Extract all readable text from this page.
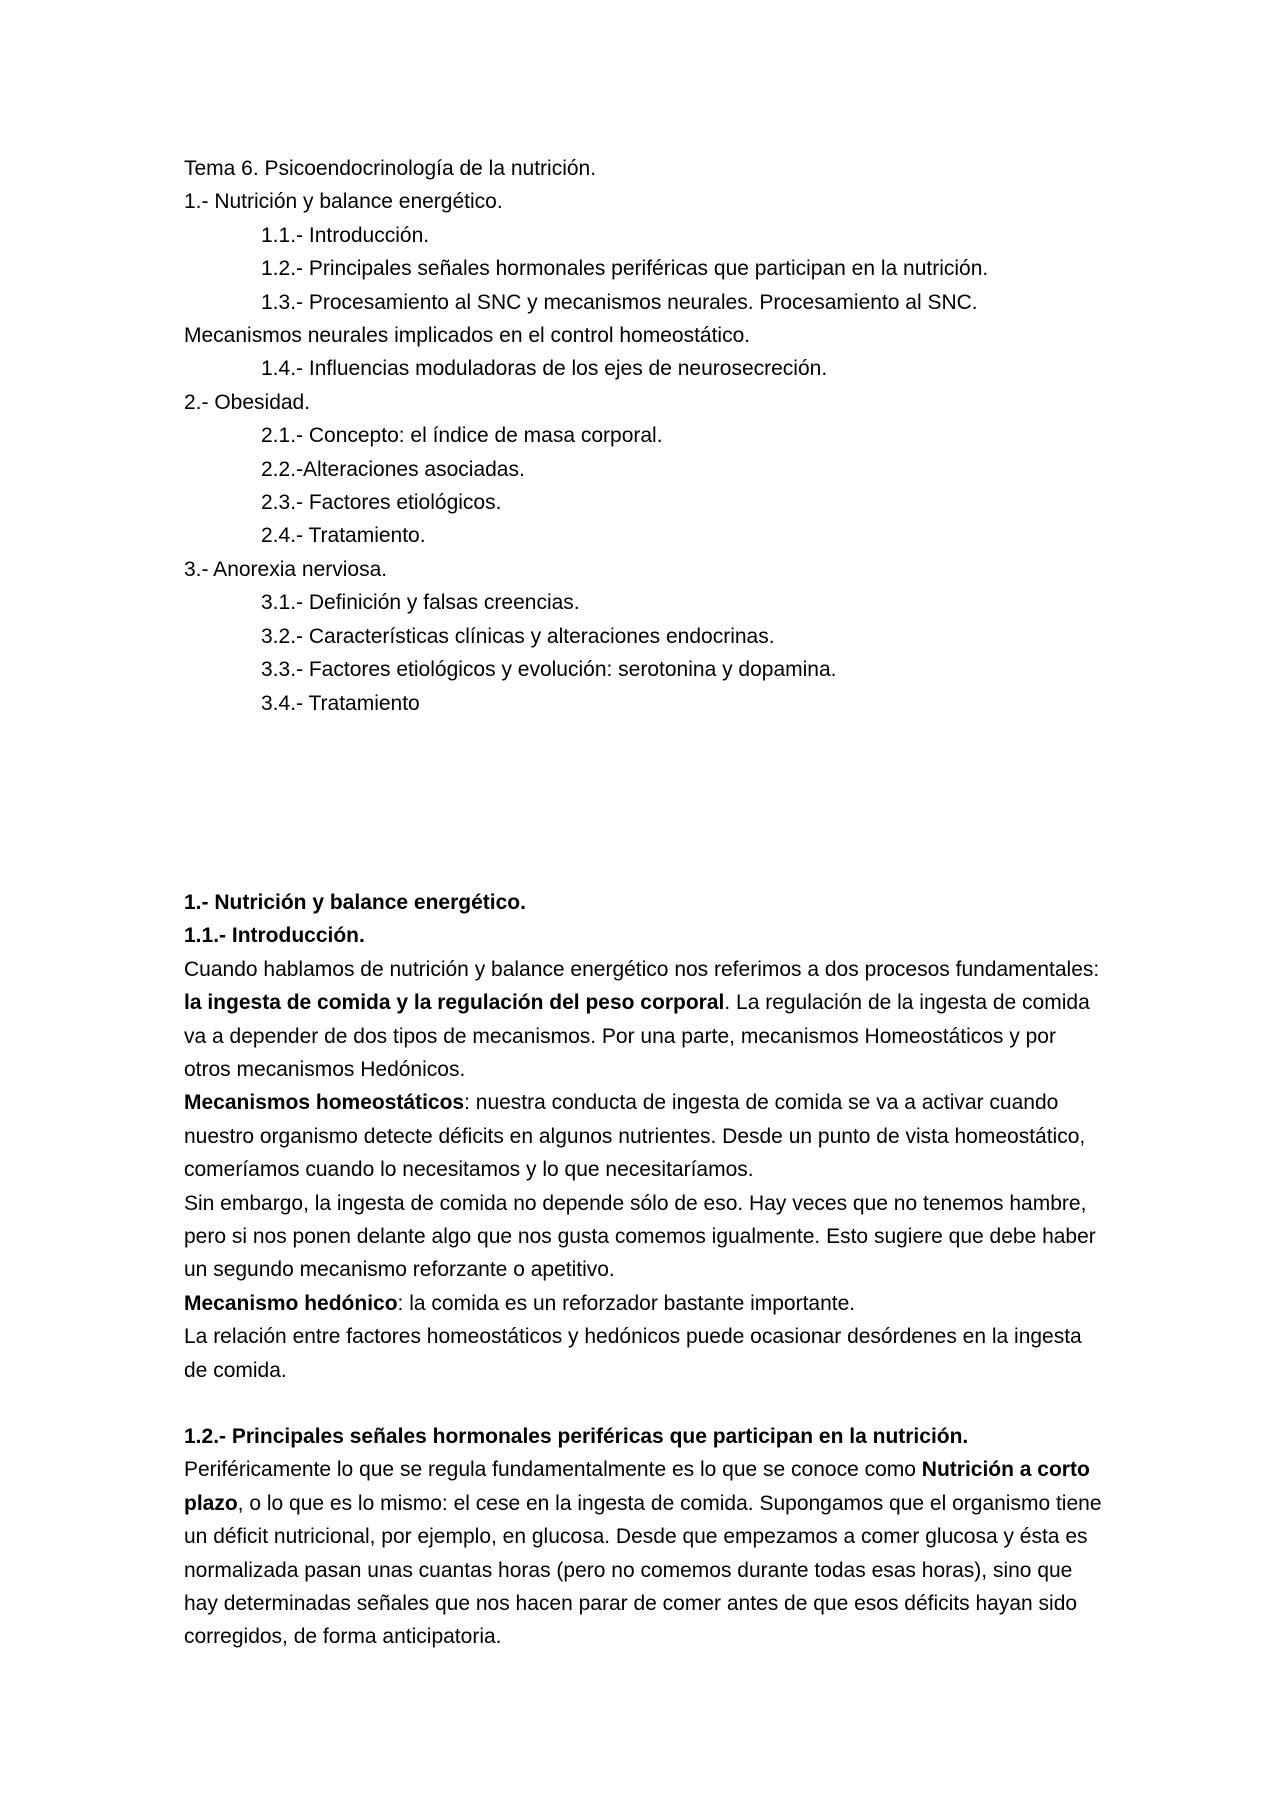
Tema 6. Psicoendocrinología de la nutrición.

1.- Nutrición y balance energético.

1.1.- Introducción.

1.2.- Principales señales hormonales periféricas que participan en la nutrición.

1.3.- Procesamiento al SNC y mecanismos neurales. Procesamiento al SNC.

Mecanismos neurales implicados en el control homeostático.

1.4.- Influencias moduladoras de los ejes de neurosecreción.

2.- Obesidad.

2.1.- Concepto: el índice de masa corporal.

2.2.-Alteraciones asociadas.

2.3.- Factores etiológicos.

2.4.- Tratamiento.

3.- Anorexia nerviosa.

3.1.- Definición y falsas creencias.

3.2.- Características clínicas y alteraciones endocrinas.

3.3.- Factores etiológicos y evolución: serotonina y dopamina.

3.4.- Tratamiento

1.- Nutrición y balance energético.

1.1.- Introducción.

Cuando hablamos de nutrición y balance energético nos referimos a dos procesos fundamentales: la ingesta de comida y la regulación del peso corporal. La regulación de la ingesta de comida va a depender de dos tipos de mecanismos. Por una parte, mecanismos Homeostáticos y por otros mecanismos Hedónicos.

Mecanismos homeostáticos: nuestra conducta de ingesta de comida se va a activar cuando nuestro organismo detecte déficits en algunos nutrientes. Desde un punto de vista homeostático, comeríamos cuando lo necesitamos y lo que necesitaríamos.

Sin embargo, la ingesta de comida no depende sólo de eso. Hay veces que no tenemos hambre, pero si nos ponen delante algo que nos gusta comemos igualmente. Esto sugiere que debe haber un segundo mecanismo reforzante o apetitivo.

Mecanismo hedónico: la comida es un reforzador bastante importante.

La relación entre factores homeostáticos y hedónicos puede ocasionar desórdenes en la ingesta de comida.

1.2.- Principales señales hormonales periféricas que participan en la nutrición.

Periféricamente lo que se regula fundamentalmente es lo que se conoce como Nutrición a corto plazo, o lo que es lo mismo: el cese en la ingesta de comida. Supongamos que el organismo tiene un déficit nutricional, por ejemplo, en glucosa. Desde que empezamos a comer glucosa y ésta es normalizada pasan unas cuantas horas (pero no comemos durante todas esas horas), sino que hay determinadas señales que nos hacen parar de comer antes de que esos déficits hayan sido corregidos, de forma anticipatoria.
